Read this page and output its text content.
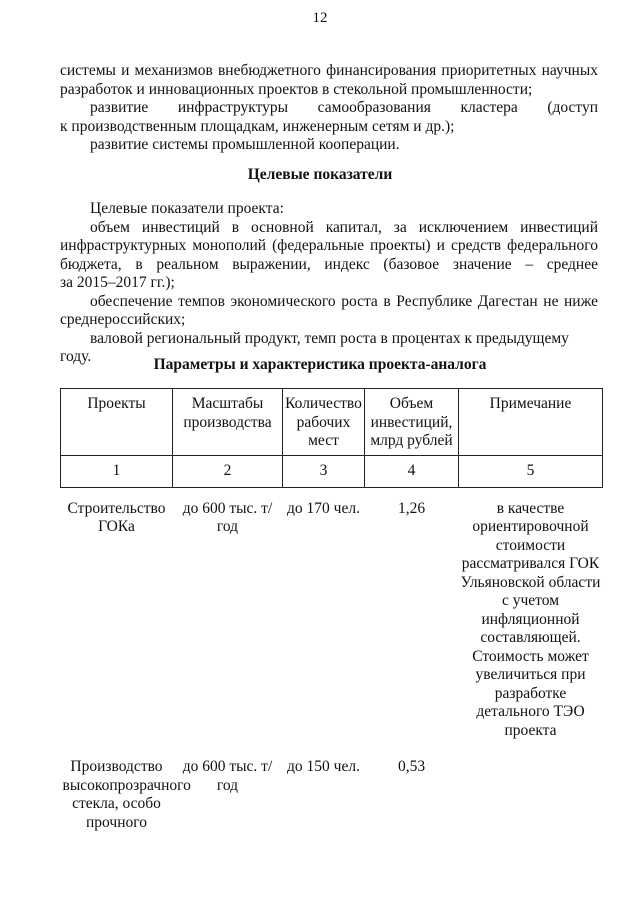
12

системы и механизмов внебюджетного финансирования приоритетных научных

разработок и инновационных проектов в стекольной промышленности;

развитие инфраструктуры самообразования кластера (доступ

к производственным площадкам, инженерным сетям и др.);

развитие системы промышленной кооперации.

Целевые показатели

Целевые показатели проекта:

объем инвестиций в основной капитал, за исключением инвестиций

инфраструктурных монополий (федеральные проекты) и средств федерального

бюджета, в реальном выражении, индекс (базовое значение – среднее

за 2015–2017 гг.);

обеспечение темпов экономического роста в Республике Дагестан не ниже

среднероссийских;

валовой региональный продукт, темп роста в процентах к предыдущему году.	Параметры и характеристика проекта-аналога
Проекты	Масштабы производства	Количество рабочих мест	Объем инвестиций, млрд рублей	Примечание
1	2	3	4	5
Строительство ГОКа	до 600 тыс. т/год	до 170 чел.	1,26	в качестве ориентировочной стоимости рассматривался ГОК Ульяновской области с учетом инфляционной составляющей. Стоимость может увеличиться при разработке детального ТЭО проекта
Производство высокопрозрачного стекла, особо прочного	до 600 тыс. т/год	до 150 чел.	0,53	
